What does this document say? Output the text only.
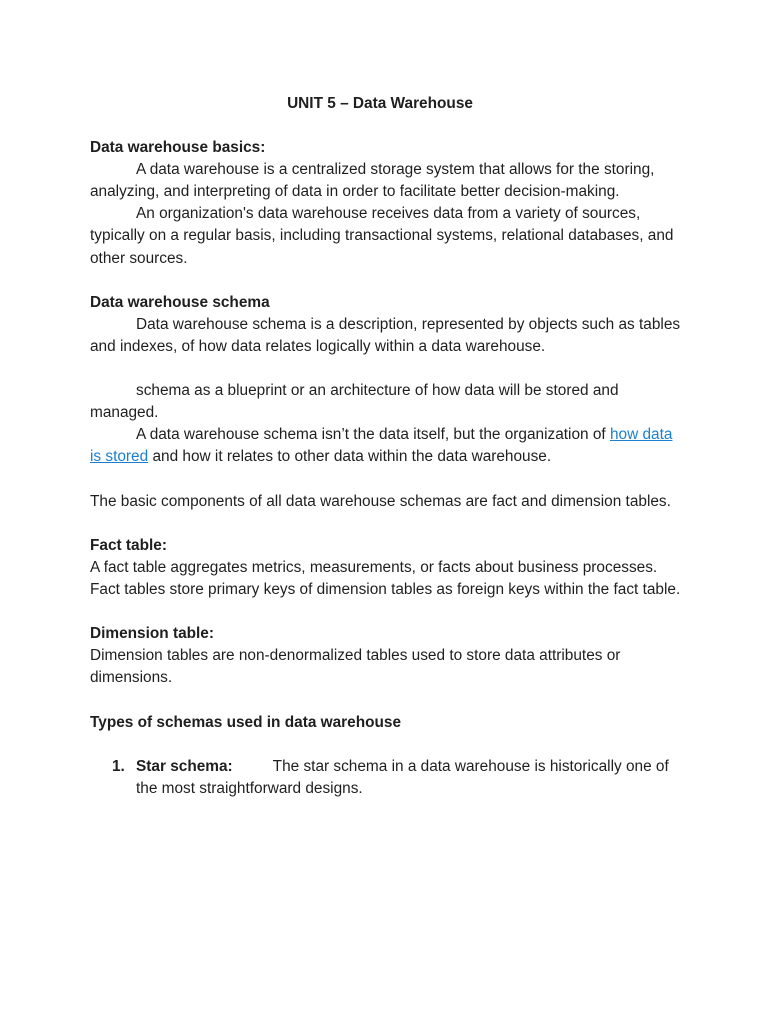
UNIT 5 – Data Warehouse

Data warehouse basics:

A data warehouse is a centralized storage system that allows for the storing, analyzing, and interpreting of data in order to facilitate better decision-making.

An organization's data warehouse receives data from a variety of sources, typically on a regular basis, including transactional systems, relational databases, and other sources.

Data warehouse schema

Data warehouse schema is a description, represented by objects such as tables and indexes, of how data relates logically within a data warehouse.

schema as a blueprint or an architecture of how data will be stored and managed.

A data warehouse schema isn’t the data itself, but the organization of how data is stored and how it relates to other data within the data warehouse.

The basic components of all data warehouse schemas are fact and dimension tables.

Fact table:

A fact table aggregates metrics, measurements, or facts about business processes. Fact tables store primary keys of dimension tables as foreign keys within the fact table.

Dimension table:

Dimension tables are non-denormalized tables used to store data attributes or dimensions.

Types of schemas used in data warehouse

1. Star schema:	The star schema in a data warehouse is historically one of the most straightforward designs.
